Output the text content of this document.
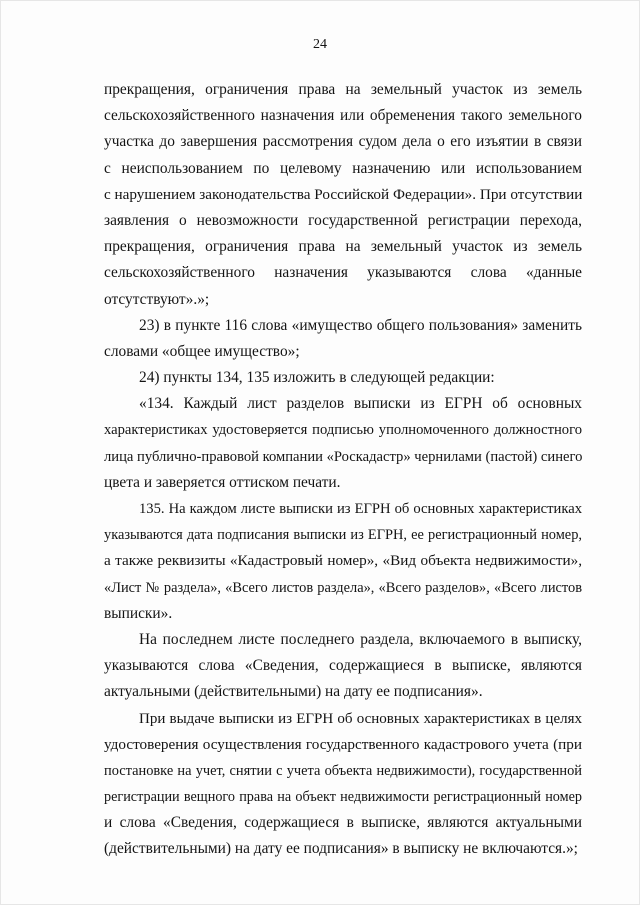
24
прекращения, ограничения права на земельный участок из земель
сельскохозяйственного назначения или обременения такого земельного
участка до завершения рассмотрения судом дела о его изъятии в связи
с неиспользованием по целевому назначению или использованием
с нарушением законодательства Российской Федерации». При отсутствии
заявления о невозможности государственной регистрации перехода,
прекращения, ограничения права на земельный участок из земель
сельскохозяйственного назначения указываются слова «данные
отсутствуют».»;
23) в пункте 116 слова «имущество общего пользования» заменить
словами «общее имущество»;
24) пункты 134, 135 изложить в следующей редакции:
«134. Каждый лист разделов выписки из ЕГРН об основных
характеристиках удостоверяется подписью уполномоченного должностного
лица публично-правовой компании «Роскадастр» чернилами (пастой) синего
цвета и заверяется оттиском печати.
135. На каждом листе выписки из ЕГРН об основных характеристиках
указываются дата подписания выписки из ЕГРН, ее регистрационный номер,
а также реквизиты «Кадастровый номер», «Вид объекта недвижимости»,
«Лист № раздела», «Всего листов раздела», «Всего разделов», «Всего листов
выписки».
На последнем листе последнего раздела, включаемого в выписку,
указываются слова «Сведения, содержащиеся в выписке, являются
актуальными (действительными) на дату ее подписания».
При выдаче выписки из ЕГРН об основных характеристиках в целях
удостоверения осуществления государственного кадастрового учета (при
постановке на учет, снятии с учета объекта недвижимости), государственной
регистрации вещного права на объект недвижимости регистрационный номер
и слова «Сведения, содержащиеся в выписке, являются актуальными
(действительными) на дату ее подписания» в выписку не включаются.»;
